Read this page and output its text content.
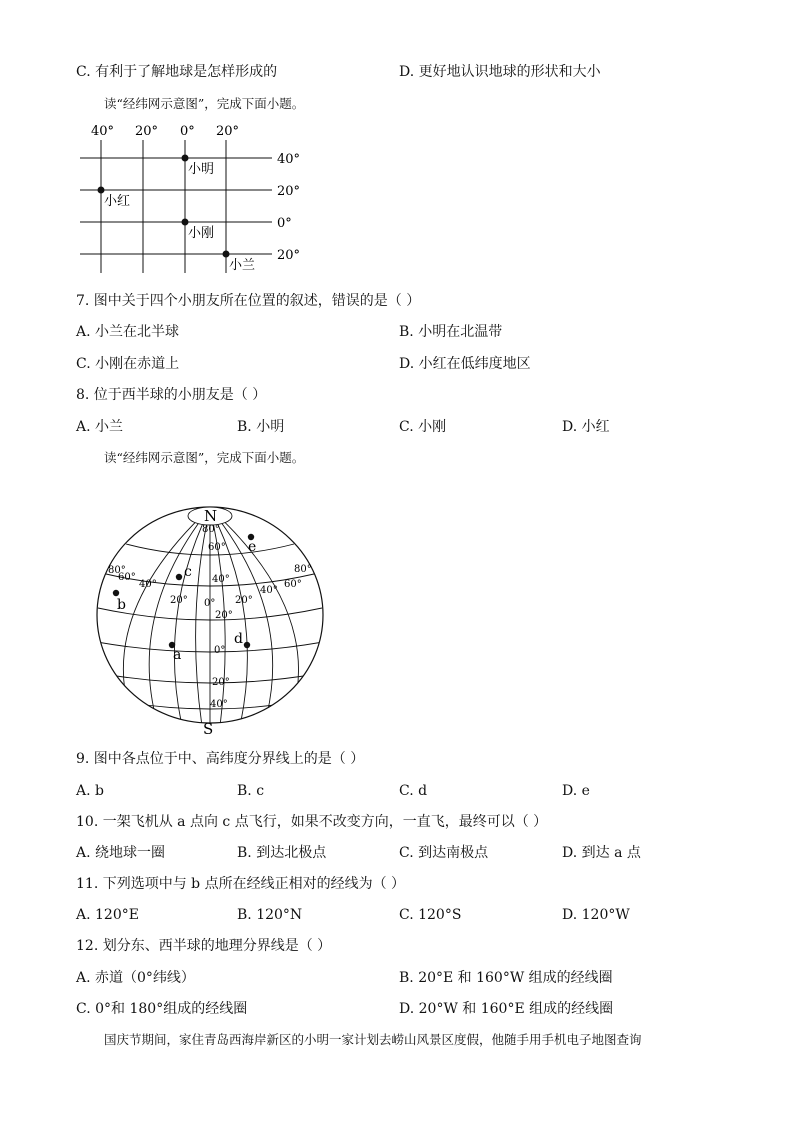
C. 有利于了解地球是怎样形成的	D. 更好地认识地球的形状和大小
读“经纬网示意图”，完成下面小题。
40° 20° 0° 20°
40°
20°
0°
20°
小明
小红
小刚
小兰
7. 图中关于四个小朋友所在位置的叙述，错误的是（ ）
A. 小兰在北半球	B. 小明在北温带
C. 小刚在赤道上	D. 小红在低纬度地区
8. 位于西半球的小朋友是（ ）
A. 小兰	B. 小明	C. 小刚	D. 小红
读“经纬网示意图”，完成下面小题。
N
S
80°
60°
40°
20°
0°
20°
40°
80°
60°
40°
20° 0° 20°
40°
60°
80°
a
b
c
d
e
9. 图中各点位于中、高纬度分界线上的是（ ）
A. b	B. c	C. d	D. e
10. 一架飞机从 a 点向 c 点飞行，如果不改变方向，一直飞，最终可以（ ）
A. 绕地球一圈	B. 到达北极点	C. 到达南极点	D. 到达 a 点
11. 下列选项中与 b 点所在经线正相对的经线为（ ）
A. 120°E	B. 120°N	C. 120°S	D. 120°W
12. 划分东、西半球的地理分界线是（ ）
A. 赤道（0°纬线）	B. 20°E 和 160°W 组成的经线圈
C. 0°和 180°组成的经线圈	D. 20°W 和 160°E 组成的经线圈
国庆节期间，家住青岛西海岸新区的小明一家计划去崂山风景区度假，他随手用手机电子地图查询
